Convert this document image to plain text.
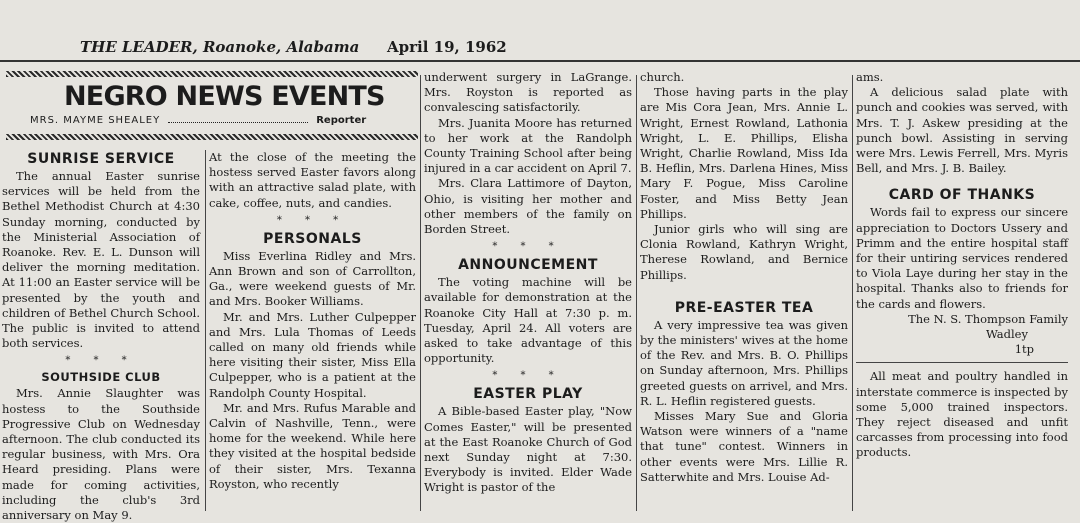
THE LEADER, Roanoke, Alabama April 19, 1962
NEGRO NEWS EVENTS
MRS. MAYME SHEALEY	Reporter
SUNRISE SERVICE

The annual Easter sunrise services will be held from the Bethel Methodist Church at 4:30 Sunday morning, conducted by the Ministerial Association of Roanoke. Rev. E. L. Dunson will deliver the morning meditation. At 11:00 an Easter service will be presented by the youth and children of Bethel Church School. The public is invited to attend both services.

* * *
SOUTHSIDE CLUB

Mrs. Annie Slaughter was hostess to the Southside Progressive Club on Wednesday afternoon. The club conducted its regular business, with Mrs. Ora Heard presiding. Plans were made for coming activities, including the club's 3rd anniversary on May 9.

At the close of the meeting the hostess served Easter favors along with an attractive salad plate, with cake, coffee, nuts, and candies.

* * *
PERSONALS

Miss Everlina Ridley and Mrs. Ann Brown and son of Carrollton, Ga., were weekend guests of Mr. and Mrs. Booker Williams.

Mr. and Mrs. Luther Culpepper and Mrs. Lula Thomas of Leeds called on many old friends while here visiting their sister, Miss Ella Culpepper, who is a patient at the Randolph County Hospital.

Mr. and Mrs. Rufus Marable and Calvin of Nashville, Tenn., were home for the weekend. While here they visited at the hospital bedside of their sister, Mrs. Texanna Royston, who recently

underwent surgery in LaGrange. Mrs. Royston is reported as convalescing satisfactorily.

Mrs. Juanita Moore has returned to her work at the Randolph County Training School after being injured in a car accident on April 7.

Mrs. Clara Lattimore of Dayton, Ohio, is visiting her mother and other members of the family on Borden Street.

* * *
ANNOUNCEMENT

The voting machine will be available for demonstration at the Roanoke City Hall at 7:30 p. m. Tuesday, April 24. All voters are asked to take advantage of this opportunity.

* * *
EASTER PLAY

A Bible-based Easter play, "Now Comes Easter," will be presented at the East Roanoke Church of God next Sunday night at 7:30. Everybody is invited. Elder Wade Wright is pastor of the

church.

Those having parts in the play are Mis Cora Jean, Mrs. Annie L. Wright, Ernest Rowland, Lathonia Wright, L. E. Phillips, Elisha Wright, Charlie Rowland, Miss Ida B. Heflin, Mrs. Darlena Hines, Miss Mary F. Pogue, Miss Caroline Foster, and Miss Betty Jean Phillips.

Junior girls who will sing are Clonia Rowland, Kathryn Wright, Therese Rowland, and Bernice Phillips.

PRE-EASTER TEA

A very impressive tea was given by the ministers' wives at the home of the Rev. and Mrs. B. O. Phillips on Sunday afternoon, Mrs. Phillips greeted guests on arrivel, and Mrs. R. L. Heflin registered guests.

Misses Mary Sue and Gloria Watson were winners of a "name that tune" contest. Winners in other events were Mrs. Lillie R. Satterwhite and Mrs. Louise Ad-

ams.

A delicious salad plate with punch and cookies was served, with Mrs. T. J. Askew presiding at the punch bowl. Assisting in serving were Mrs. Lewis Ferrell, Mrs. Myris Bell, and Mrs. J. B. Bailey.

CARD OF THANKS

Words fail to express our sincere appreciation to Doctors Ussery and Primm and the entire hospital staff for their untiring services rendered to Viola Laye during her stay in the hospital. Thanks also to friends for the cards and flowers.

The N. S. Thompson Family

Wadley

1tp

All meat and poultry handled in interstate commerce is inspected by some 5,000 trained inspectors. They reject diseased and unfit carcasses from processing into food products.
